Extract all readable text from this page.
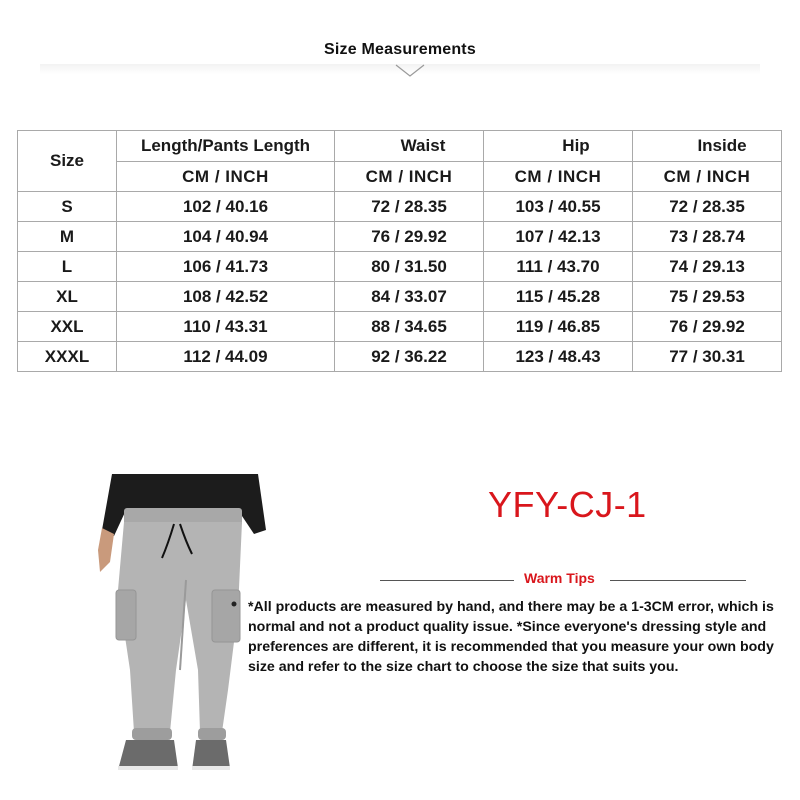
Size Measurements
Size	Length/Pants Length	Waist	Hip	Inside
	CM / INCH	CM / INCH	CM / INCH	CM / INCH
S	102 / 40.16	72 / 28.35	103 / 40.55	72 / 28.35
M	104 / 40.94	76 / 29.92	107 / 42.13	73 / 28.74
L	106 / 41.73	80 / 31.50	111 / 43.70	74 / 29.13
XL	108 / 42.52	84 / 33.07	115 / 45.28	75 / 29.53
XXL	110 / 43.31	88 / 34.65	119 / 46.85	76 / 29.92
XXXL	112 / 44.09	92 / 36.22	123 / 48.43	77 / 30.31
YFY-CJ-1
Warm Tips
*All products are measured by hand, and there may be a 1-3CM error, which is normal and not a product quality issue. *Since everyone's dressing style and preferences are different, it is recommended that you measure your own body size and refer to the size chart to choose the size that suits you.
